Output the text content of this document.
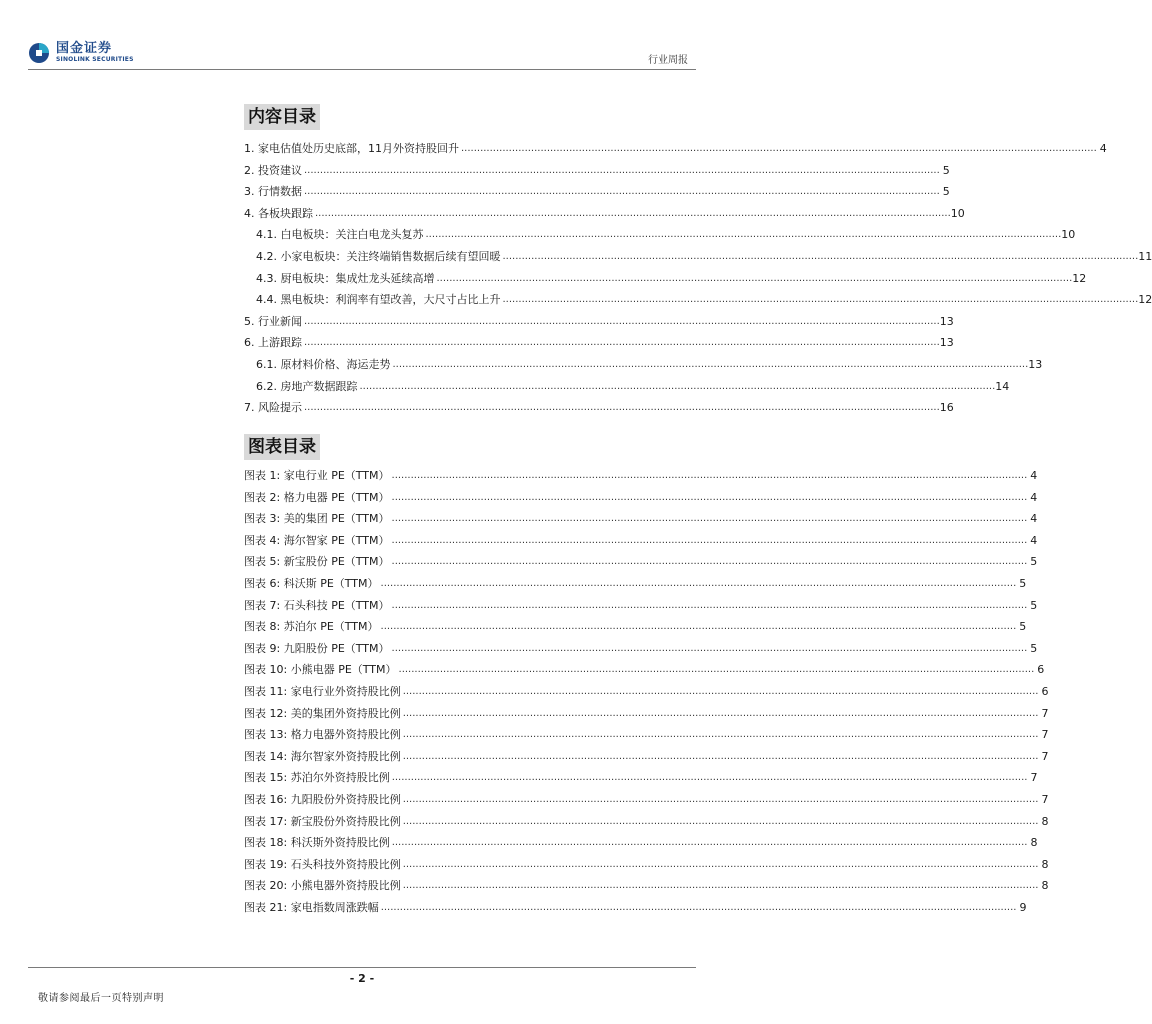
国金证券
SINOLINK SECURITIES	行业周报
内容目录
1. 家电估值处历史底部，11月外资持股回升 ........................................................................................................................................................................................................ 4
2. 投资建议 ........................................................................................................................................................................................................ 5
3. 行情数据 ........................................................................................................................................................................................................ 5
4. 各板块跟踪 ........................................................................................................................................................................................................ 10
4.1. 白电板块：关注白电龙头复苏 ........................................................................................................................................................................................................ 10
4.2. 小家电板块：关注终端销售数据后续有望回暖 ........................................................................................................................................................................................................ 11
4.3. 厨电板块：集成灶龙头延续高增 ........................................................................................................................................................................................................ 12
4.4. 黑电板块：利润率有望改善，大尺寸占比上升 ........................................................................................................................................................................................................ 12
5. 行业新闻 ........................................................................................................................................................................................................ 13
6. 上游跟踪 ........................................................................................................................................................................................................ 13
6.1. 原材料价格、海运走势 ........................................................................................................................................................................................................ 13
6.2. 房地产数据跟踪 ........................................................................................................................................................................................................ 14
7. 风险提示 ........................................................................................................................................................................................................ 16
图表目录
图表 1: 家电行业 PE（TTM） ........................................................................................................................................................................................................ 4
图表 2: 格力电器 PE（TTM） ........................................................................................................................................................................................................ 4
图表 3: 美的集团 PE（TTM） ........................................................................................................................................................................................................ 4
图表 4: 海尔智家 PE（TTM） ........................................................................................................................................................................................................ 4
图表 5: 新宝股份 PE（TTM） ........................................................................................................................................................................................................ 5
图表 6: 科沃斯 PE（TTM） ........................................................................................................................................................................................................ 5
图表 7: 石头科技 PE（TTM） ........................................................................................................................................................................................................ 5
图表 8: 苏泊尔 PE（TTM） ........................................................................................................................................................................................................ 5
图表 9: 九阳股份 PE（TTM） ........................................................................................................................................................................................................ 5
图表 10: 小熊电器 PE（TTM） ........................................................................................................................................................................................................ 6
图表 11: 家电行业外资持股比例 ........................................................................................................................................................................................................ 6
图表 12: 美的集团外资持股比例 ........................................................................................................................................................................................................ 7
图表 13: 格力电器外资持股比例 ........................................................................................................................................................................................................ 7
图表 14: 海尔智家外资持股比例 ........................................................................................................................................................................................................ 7
图表 15: 苏泊尔外资持股比例 ........................................................................................................................................................................................................ 7
图表 16: 九阳股份外资持股比例 ........................................................................................................................................................................................................ 7
图表 17: 新宝股份外资持股比例 ........................................................................................................................................................................................................ 8
图表 18: 科沃斯外资持股比例 ........................................................................................................................................................................................................ 8
图表 19: 石头科技外资持股比例 ........................................................................................................................................................................................................ 8
图表 20: 小熊电器外资持股比例 ........................................................................................................................................................................................................ 8
图表 21: 家电指数周涨跌幅 ........................................................................................................................................................................................................ 9
- 2 -
敬请参阅最后一页特别声明
